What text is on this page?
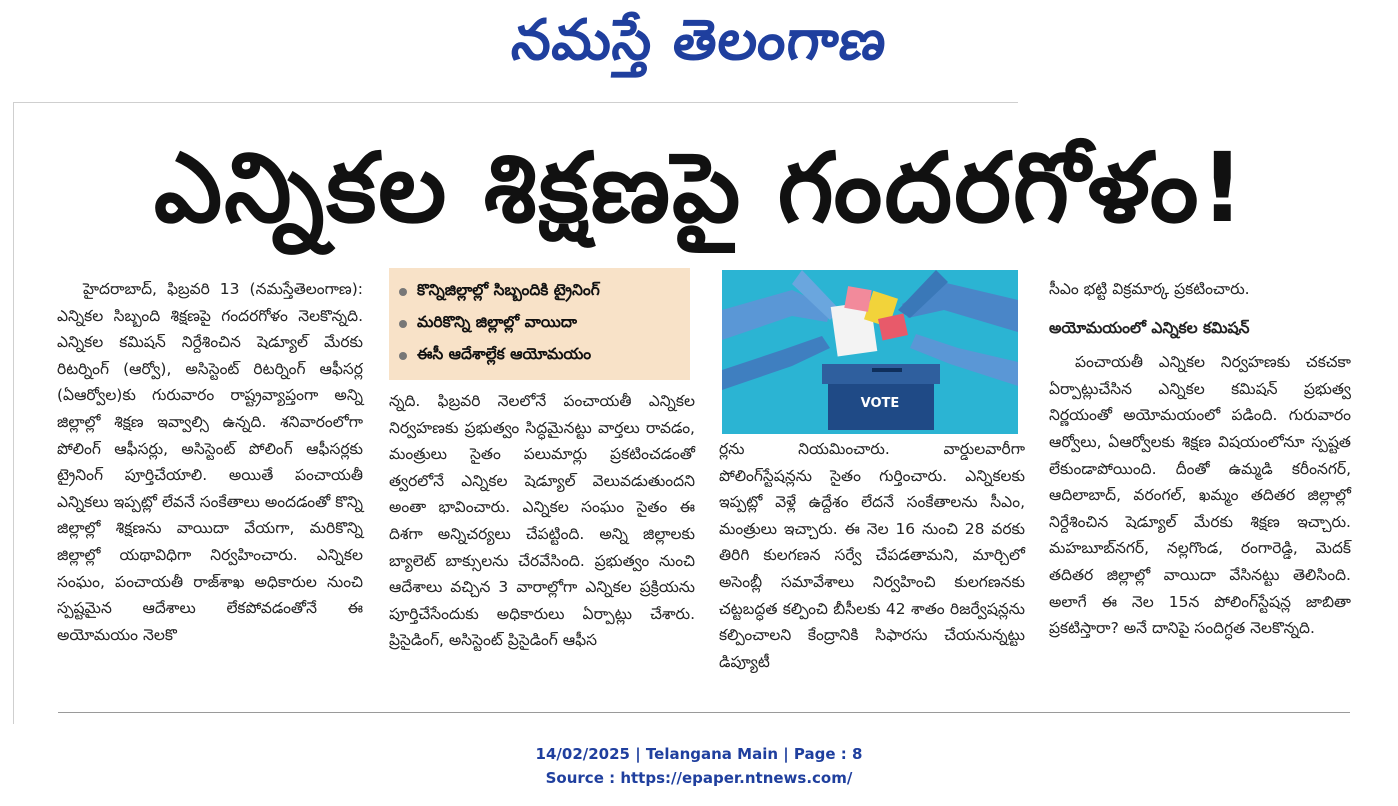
నమస్తే తెలంగాణ
ఎన్నికల శిక్షణపై గందరగోళం!

హైదరాబాద్, ఫిబ్రవరి 13 (నమస్తేతెలంగాణ): ఎన్నికల సిబ్బంది శిక్షణపై గందరగోళం నెలకొన్నది. ఎన్నికల కమిషన్ నిర్దేశించిన షెడ్యూల్ మేరకు రిటర్నింగ్ (ఆర్వో), అసిస్టెంట్ రిటర్నింగ్ ఆఫీసర్ల (ఏఆర్వోల)కు గురువారం రాష్ట్రవ్యాప్తంగా అన్ని జిల్లాల్లో శిక్షణ ఇవ్వాల్సి ఉన్నది. శనివారంలోగా పోలింగ్ ఆఫీసర్లు, అసిస్టెంట్ పోలింగ్ ఆఫీసర్లకు ట్రైనింగ్ పూర్తిచేయాలి. అయితే పంచాయతీ ఎన్నికలు ఇప్పట్లో లేవనే సంకేతాలు అందడంతో కొన్ని జిల్లాల్లో శిక్షణను వాయిదా వేయగా, మరికొన్ని జిల్లాల్లో యథావిధిగా నిర్వహించారు. ఎన్నికల సంఘం, పంచాయతీ రాజ్‌శాఖ అధికారుల నుంచి స్పష్టమైన ఆదేశాలు లేకపోవడంతోనే ఈ అయోమయం నెలకొ

కొన్నిజిల్లాల్లో సిబ్బందికి ట్రైనింగ్
మరికొన్ని జిల్లాల్లో వాయిదా
ఈసీ ఆదేశాల్లేక ఆయోమయం

న్నది. ఫిబ్రవరి నెలలోనే పంచాయతీ ఎన్నికల నిర్వహణకు ప్రభుత్వం సిద్ధమైనట్టు వార్తలు రావడం, మంత్రులు సైతం పలుమార్లు ప్రకటించడంతో త్వరలోనే ఎన్నికల షెడ్యూల్ వెలువడుతుందని అంతా భావించారు. ఎన్నికల సంఘం సైతం ఈ దిశగా అన్నిచర్యలు చేపట్టింది. అన్ని జిల్లాలకు బ్యాలెట్ బాక్సులను చేరవేసింది. ప్రభుత్వం నుంచి ఆదేశాలు వచ్చిన 3 వారాల్లోగా ఎన్నికల ప్రక్రియను పూర్తిచేసేందుకు అధికారులు ఏర్పాట్లు చేశారు. ప్రిసైడింగ్, అసిస్టెంట్ ప్రిసైడింగ్ ఆఫీస

VOTE

ర్లను నియమించారు. వార్డులవారీగా పోలింగ్‌స్టేషన్లను సైతం గుర్తించారు. ఎన్నికలకు ఇప్పట్లో వెళ్లే ఉద్దేశం లేదనే సంకేతాలను సీఎం, మంత్రులు ఇచ్చారు. ఈ నెల 16 నుంచి 28 వరకు తిరిగి కులగణన సర్వే చేపడతామని, మార్చిలో అసెంబ్లీ సమావేశాలు నిర్వహించి కులగణనకు చట్టబద్ధత కల్పించి బీసీలకు 42 శాతం రిజర్వేషన్లను కల్పించాలని కేంద్రానికి సిఫారసు చేయనున్నట్టు డిప్యూటీ

సీఎం భట్టి విక్రమార్క ప్రకటించారు.

అయోమయంలో ఎన్నికల కమిషన్

పంచాయతీ ఎన్నికల నిర్వహణకు చకచకా ఏర్పాట్లుచేసిన ఎన్నికల కమిషన్ ప్రభుత్వ నిర్ణయంతో అయోమయంలో పడింది. గురువారం ఆర్వోలు, ఏఆర్వోలకు శిక్షణ విషయంలోనూ స్పష్టత లేకుండాపోయింది. దీంతో ఉమ్మడి కరీంనగర్, ఆదిలాబాద్, వరంగల్, ఖమ్మం తదితర జిల్లాల్లో నిర్దేశించిన షెడ్యూల్ మేరకు శిక్షణ ఇచ్చారు. మహబూబ్‌నగర్, నల్లగొండ, రంగారెడ్డి, మెదక్ తదితర జిల్లాల్లో వాయిదా వేసినట్టు తెలిసింది. అలాగే ఈ నెల 15న పోలింగ్‌స్టేషన్ల జాబితా ప్రకటిస్తారా? అనే దానిపై సందిగ్ధత నెలకొన్నది.

14/02/2025 | Telangana Main | Page : 8
Source : https://epaper.ntnews.com/
